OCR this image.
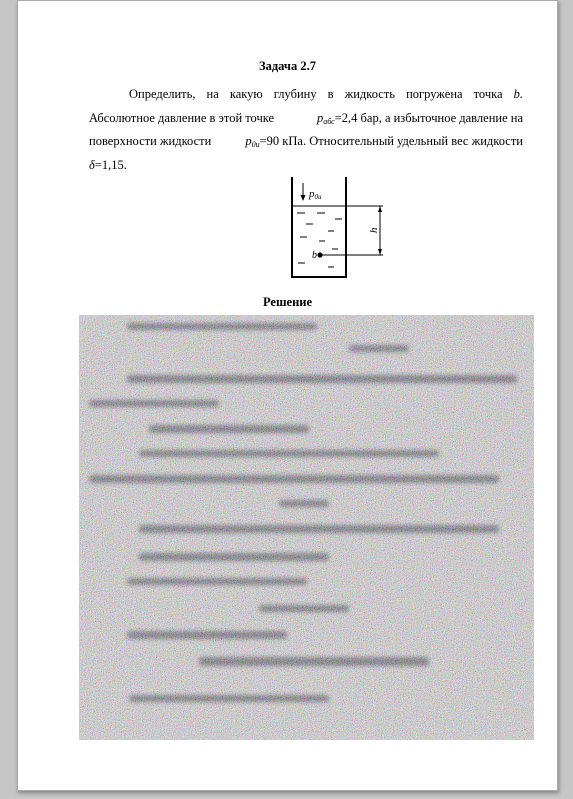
Задача 2.7
Определить, на какую глубину в жидкость погружена точка b.
Абсолютное давление в этой точке	$p_{абс}=2,4$ бар, а избыточное давление на
поверхности жидкости	$p_{0и}=90$ кПа. Относительный удельный вес жидкости
δ =1,15.
p0и
b
h
Решение
